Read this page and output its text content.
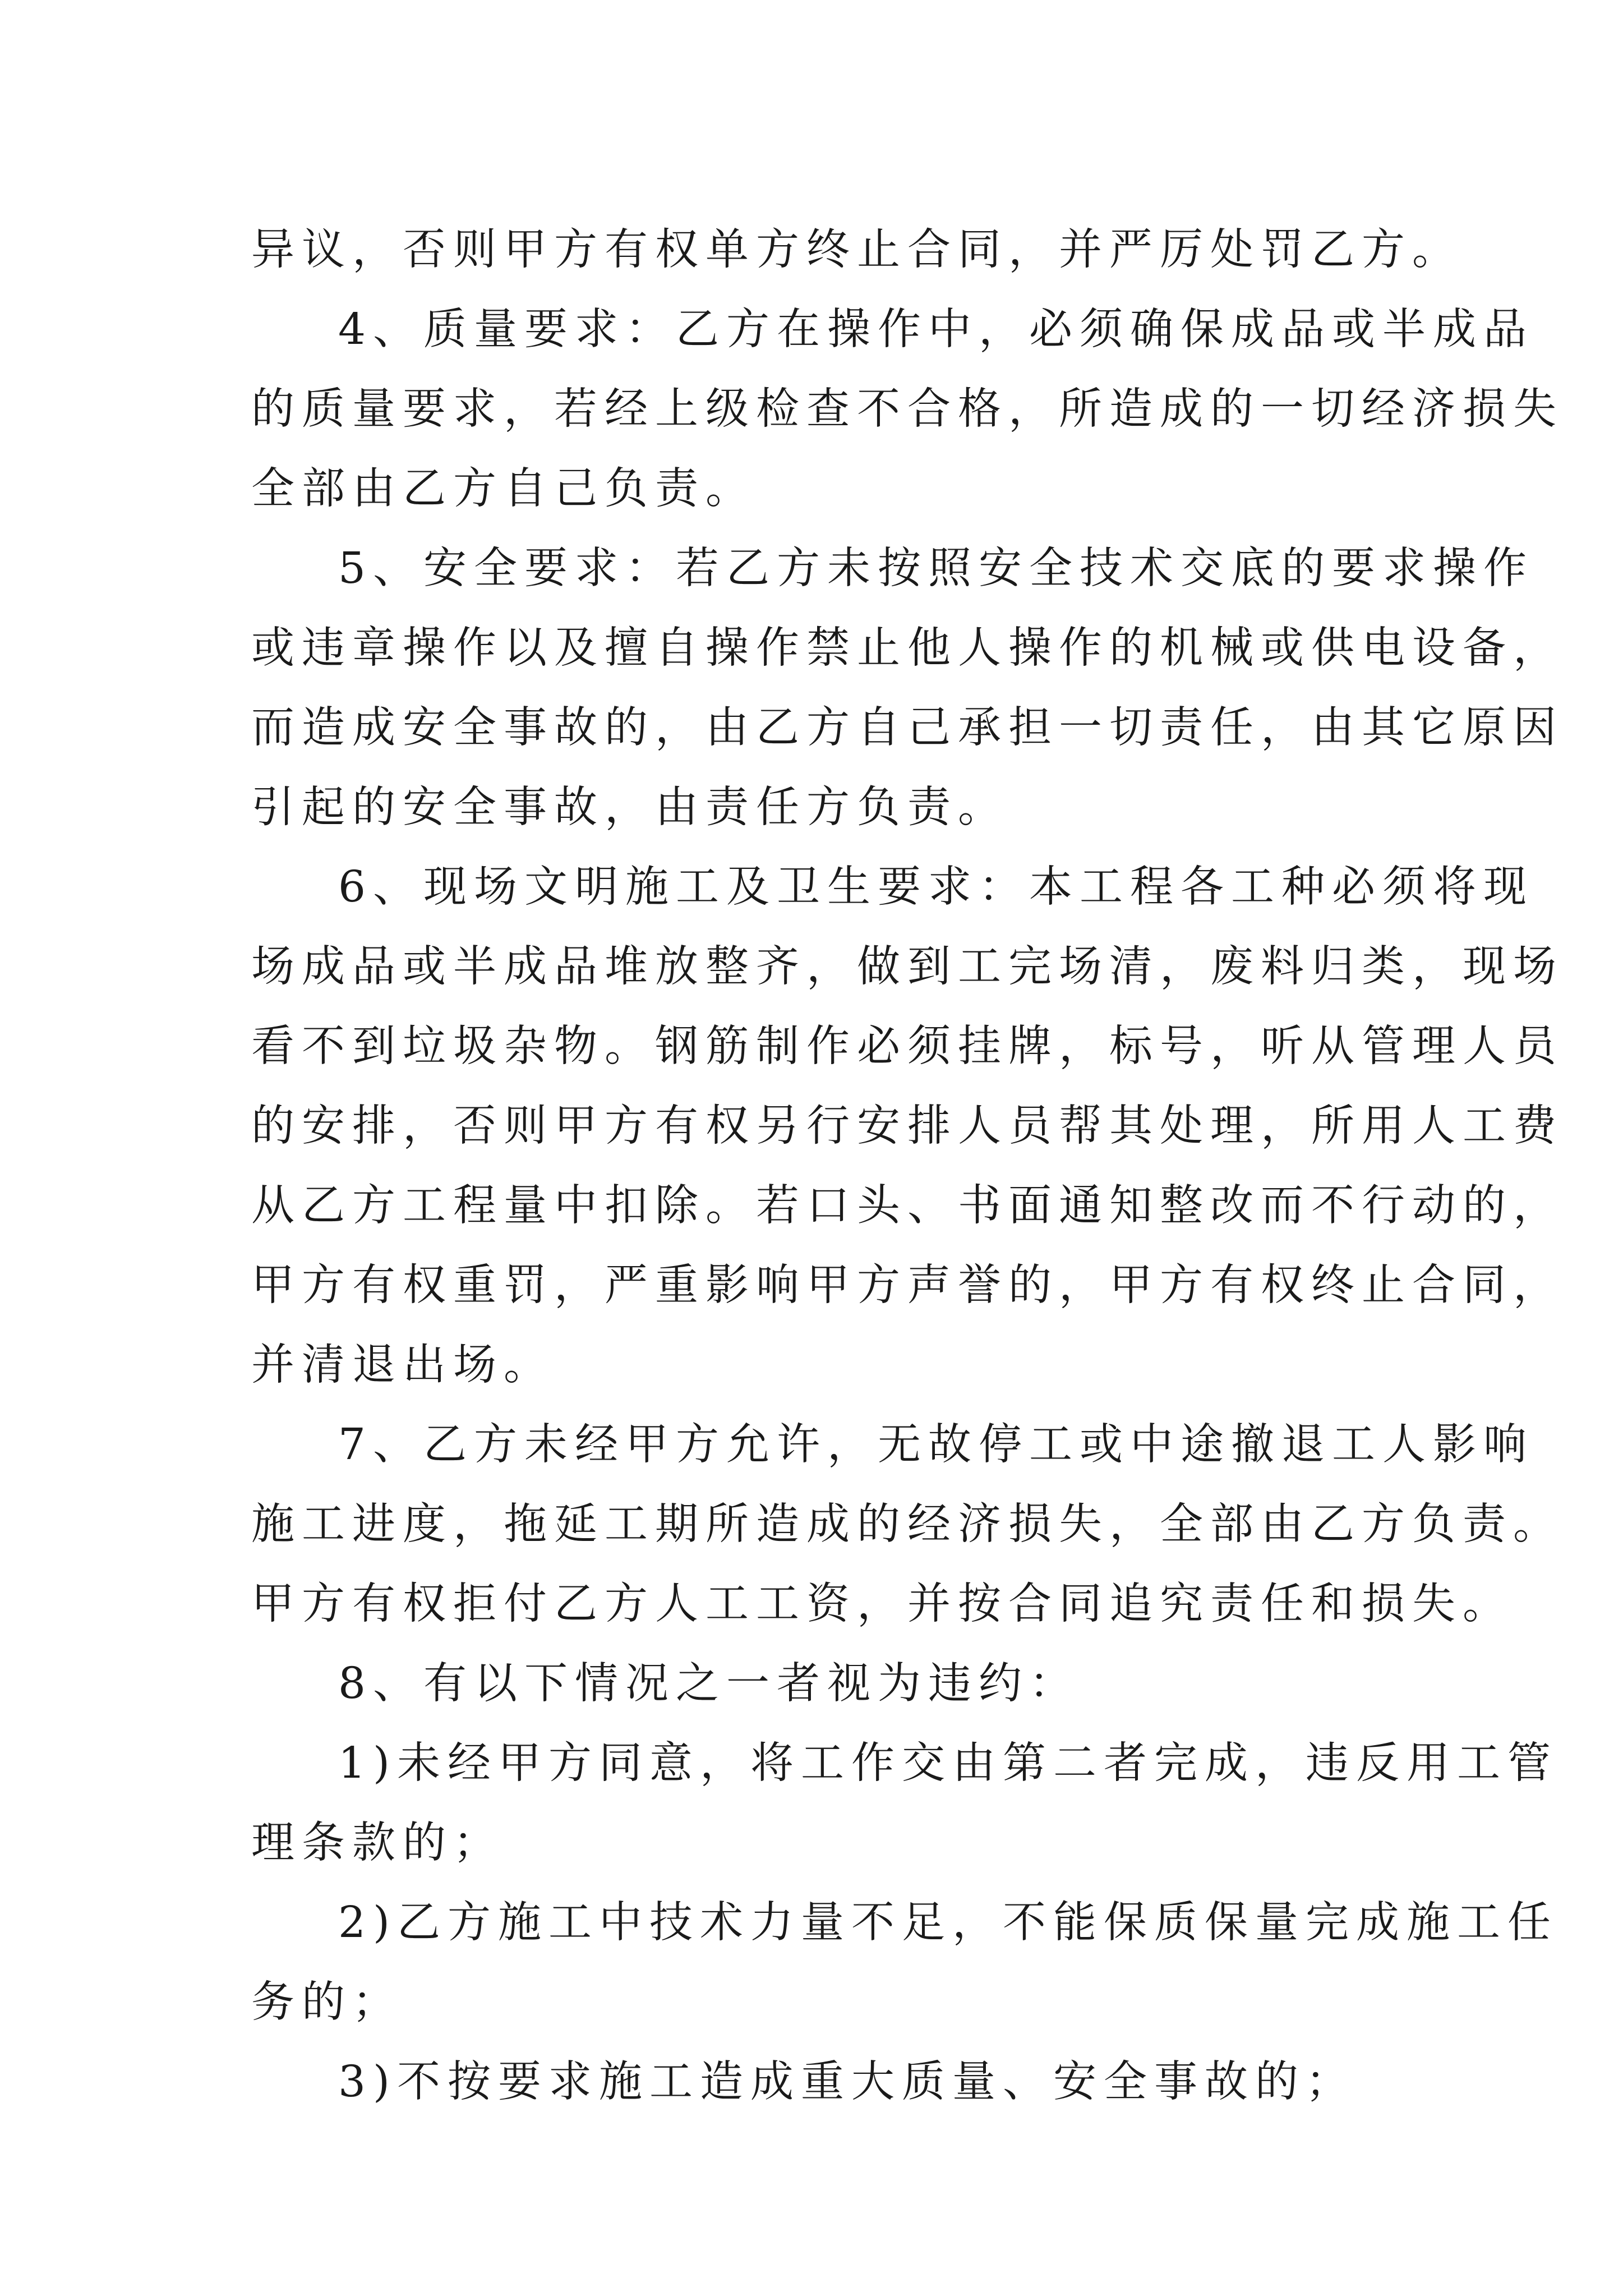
异议，否则甲方有权单方终止合同，并严厉处罚乙方。
4、质量要求：乙方在操作中，必须确保成品或半成品
的质量要求，若经上级检查不合格，所造成的一切经济损失
全部由乙方自己负责。
5、安全要求：若乙方未按照安全技术交底的要求操作
或违章操作以及擅自操作禁止他人操作的机械或供电设备，
而造成安全事故的，由乙方自己承担一切责任，由其它原因
引起的安全事故，由责任方负责。
6、现场文明施工及卫生要求：本工程各工种必须将现
场成品或半成品堆放整齐，做到工完场清，废料归类，现场
看不到垃圾杂物。钢筋制作必须挂牌，标号，听从管理人员
的安排，否则甲方有权另行安排人员帮其处理，所用人工费
从乙方工程量中扣除。若口头、书面通知整改而不行动的，
甲方有权重罚，严重影响甲方声誉的，甲方有权终止合同，
并清退出场。
7、乙方未经甲方允许，无故停工或中途撤退工人影响
施工进度，拖延工期所造成的经济损失，全部由乙方负责。
甲方有权拒付乙方人工工资，并按合同追究责任和损失。
8、有以下情况之一者视为违约：
1)未经甲方同意，将工作交由第二者完成，违反用工管
理条款的；
2)乙方施工中技术力量不足，不能保质保量完成施工任
务的；
3)不按要求施工造成重大质量、安全事故的；
